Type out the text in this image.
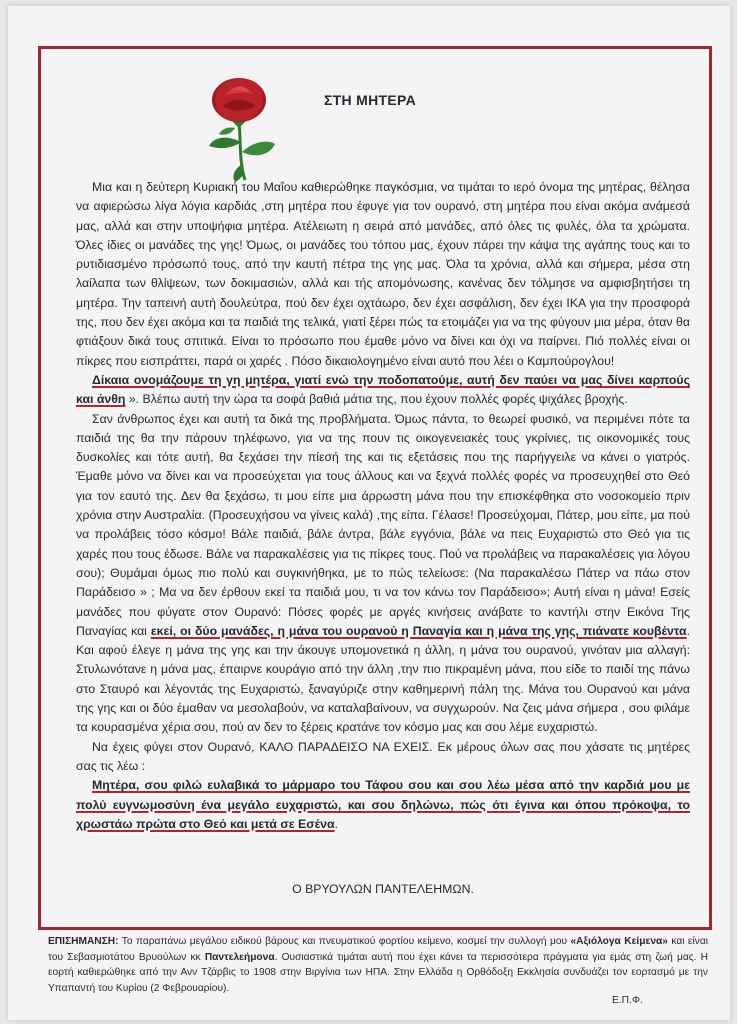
ΣΤΗ ΜΗΤΕΡΑ

Μια και η δεύτερη Κυριακή του Μαΐου καθιερώθηκε παγκόσμια, να τιμάται το ιερό όνομα της μητέρας, θέλησα να αφιερώσω λίγα λόγια καρδιάς ,στη μητέρα που έφυγε για τον ουρανό, στη μητέρα που είναι ακόμα ανάμεσά μας, αλλά και στην υποψήφια μητέρα. Ατέλειωτη η σειρά από μανάδες, από όλες τις φυλές, όλα τα χρώματα. Όλες ίδιες οι μανάδες της γης! Όμως, οι μανάδες του τόπου μας, έχουν πάρει την κάψα της αγάπης τους και το ρυτιδιασμένο πρόσωπό τους, από την καυτή πέτρα της γης μας. Όλα τα χρόνια, αλλά και σήμερα, μέσα στη λαίλαπα των θλίψεων, των δοκιμασιών, αλλά και τής απομόνωσης, κανένας δεν τόλμησε να αμφισβητήσει τη μητέρα. Την ταπεινή αυτή δουλεύτρα, πού δεν έχει οχτάωρο, δεν έχει ασφάλιση, δεν έχει ΙΚΑ για την προσφορά της, που δεν έχει ακόμα και τα παιδιά της τελικά, γιατί ξέρει πώς τα ετοιμάζει για να της φύγουν μια μέρα, όταν θα φτιάξουν δικά τους σπιτικά. Είναι το πρόσωπο που έμαθε μόνο να δίνει και όχι να παίρνει. Πιό πολλές είναι οι πίκρες που εισπράττει, παρά οι χαρές . Πόσο δικαιολογημένο είναι αυτό που λέει ο Καμπούρογλου!

Δίκαια ονομάζουμε τη γη μητέρα, γιατί ενώ την ποδοπατούμε, αυτή δεν παύει να μας δίνει καρπούς και άνθη ». Βλέπω αυτή την ώρα τα σοφά βαθιά μάτια της, που έχουν πολλές φορές ψιχάλες βροχής.

Σαν άνθρωπος έχει και αυτή τα δικά της προβλήματα. Όμως πάντα, το θεωρεί φυσικό, να περιμένει πότε τα παιδιά της θα την πάρουν τηλέφωνο, για να της πουν τις οικογενειακές τους γκρίνιες, τις οικονομικές τους δυσκολίες και τότε αυτή, θα ξεχάσει την πίεσή της και τις εξετάσεις που της παρήγγειλε να κάνει ο γιατρός. Έμαθε μόνο να δίνει και να προσεύχεται για τους άλλους και να ξεχνά πολλές φορές να προσευχηθεί στο Θεό για τον εαυτό της. Δεν θα ξεχάσω, τι μου είπε μια άρρωστη μάνα που την επισκέφθηκα στο νοσοκομείο πριν χρόνια στην Αυστραλία. (Προσευχήσου να γίνεις καλά) ,της είπα. Γέλασε! Προσεύχομαι, Πάτερ, μου είπε, μα πού να προλάβεις τόσο κόσμο! Βάλε παιδιά, βάλε άντρα, βάλε εγγόνια, βάλε να πεις Ευχαριστώ στο Θεό για τις χαρές που τους έδωσε. Βάλε να παρακαλέσεις για τις πίκρες τους. Πού να προλάβεις να παρακαλέσεις για λόγου σου); Θυμάμαι όμως πιο πολύ και συγκινήθηκα, με το πώς τελείωσε: (Να παρακαλέσω Πάτερ να πάω στον Παράδεισο » ; Μα να δεν έρθουν εκεί τα παιδιά μου, τι να τον κάνω τον Παράδεισο»; Αυτή είναι η μάνα! Εσείς μανάδες που φύγατε στον Ουρανό: Πόσες φορές με αργές κινήσεις ανάβατε το καντήλι στην Εικόνα Της Παναγίας και εκεί, οι δύο μανάδες, η μάνα του ουρανού η Παναγία και η μάνα της γης, πιάνατε κουβέντα. Και αφού έλεγε η μάνα της γης και την άκουγε υπομονετικά η άλλη, η μάνα του ουρανού, γινόταν μια αλλαγή: Στυλωνότανε η μάνα μας, έπαιρνε κουράγιο από την άλλη ,την πιο πικραμένη μάνα, που είδε το παιδί της πάνω στο Σταυρό και λέγοντάς της Ευχαριστώ, ξαναγύριζε στην καθημερινή πάλη της. Μάνα του Ουρανού και μάνα της γης και οι δύο έμαθαν να μεσολαβούν, να καταλαβαίνουν, να συγχωρούν. Να ζεις μάνα σήμερα , σου φιλάμε τα κουρασμένα χέρια σου, πού αν δεν το ξέρεις κρατάνε τον κόσμο μας και σου λέμε ευχαριστώ.

Να έχεις φύγει στον Ουρανό, ΚΑΛΟ ΠΑΡΑΔΕΙΣΟ ΝΑ ΕΧΕΙΣ. Εκ μέρους όλων σας που χάσατε τις μητέρες σας τις λέω :

Μητέρα, σου φιλώ ευλαβικά το μάρμαρο του Τάφου σου και σου λέω μέσα από την καρδιά μου με πολύ ευγνωμοσύνη ένα μεγάλο ευχαριστώ, και σου δηλώνω, πώς ότι έγινα και όπου πρόκοψα, το χρωστάω πρώτα στο Θεό και μετά σε Εσένα.

Ο ΒΡΥΟΥΛΩΝ ΠΑΝΤΕΛΕΗΜΩΝ.
ΕΠΙΣΗΜΑΝΣΗ: Το παραπάνω μεγάλου ειδικού βάρους και πνευματικού φορτίου κείμενο, κοσμεί την συλλογή μου «Αξιόλογα Κείμενα» και είναι του Σεβασμιοτάτου Βρυούλων κκ Παντελεήμονα. Ουσιαστικά τιμάται αυτή που έχει κάνει τα περισσότερα πράγματα για εμάς στη ζωή μας. Η εορτή καθιερώθηκε από την Ανν Τζάρβις το 1908 στην Βιργίνια των ΗΠΑ. Στην Ελλάδα η Ορθόδοξη Εκκλησία συνδυάζει τον εορτασμό με την Υπαπαντή του Κυρίου (2 Φεβρουαρίου).
Ε.Π.Φ.
